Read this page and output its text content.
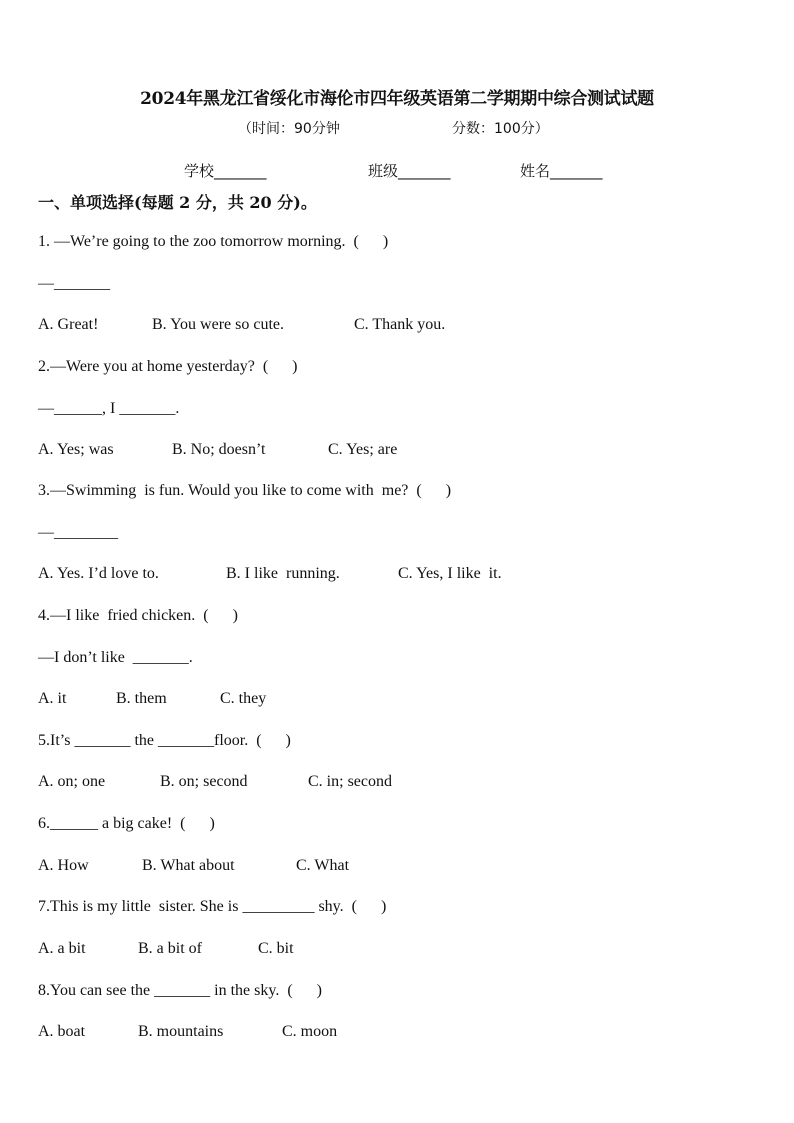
2024年黑龙江省绥化市海伦市四年级英语第二学期期中综合测试试题
（时间：90分钟	分数：100分）
学校_______	班级_______	姓名_______
一、单项选择(每题 2 分，共 20 分)。
1. —We’re going to the zoo tomorrow morning.  (      )
—_______
A. Great!	B. You were so cute.	C. Thank you.
2.—Were you at home yesterday?  (      )
—______, I _______.
A. Yes; was	B. No; doesn’t	C. Yes; are
3.—Swimming  is fun. Would you like to come with  me?  (      )
—________
A. Yes. I’d love to.	B. I like  running.	C. Yes, I like  it.
4.—I like  fried chicken.  (      )
—I don’t like  _______.
A. it	B. them	C. they
5.It’s _______ the _______floor.  (      )
A. on; one	B. on; second	C. in; second
6.______ a big cake!  (      )
A. How	B. What about	C. What
7.This is my little  sister. She is _________ shy.  (      )
A. a bit	B. a bit of	C. bit
8.You can see the _______ in the sky.  (      )
A. boat	B. mountains	C. moon
